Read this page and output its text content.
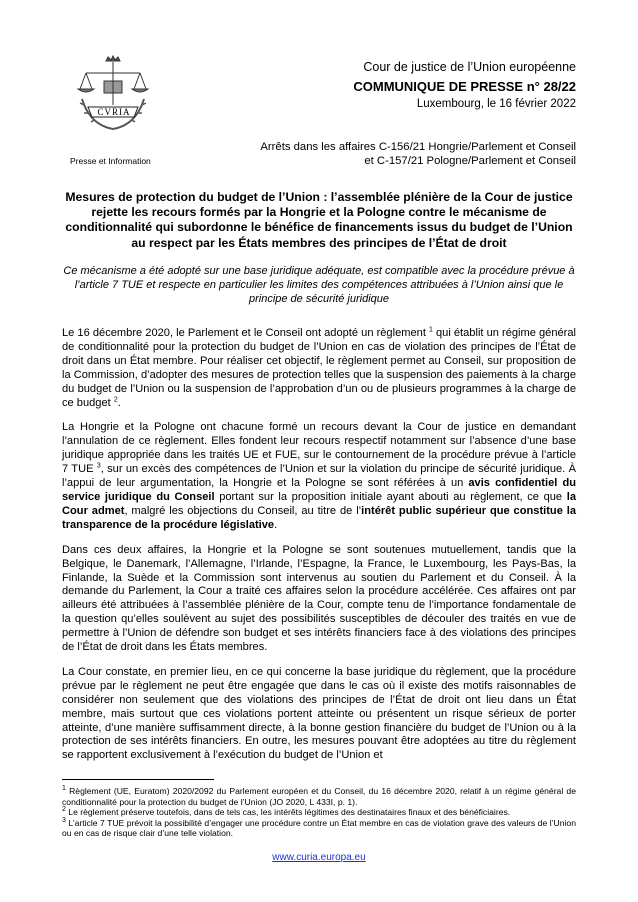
CVRIA
Presse et Information
Cour de justice de l’Union européenne
COMMUNIQUE DE PRESSE n° 28/22
Luxembourg, le 16 février 2022
Arrêts dans les affaires C-156/21 Hongrie/Parlement et Conseil
et C-157/21 Pologne/Parlement et Conseil
Mesures de protection du budget de l’Union : l’assemblée plénière de la Cour de justice rejette les recours formés par la Hongrie et la Pologne contre le mécanisme de conditionnalité qui subordonne le bénéfice de financements issus du budget de l’Union au respect par les États membres des principes de l’État de droit
Ce mécanisme a été adopté sur une base juridique adéquate, est compatible avec la procédure prévue à l’article 7 TUE et respecte en particulier les limites des compétences attribuées à l’Union ainsi que le principe de sécurité juridique

Le 16 décembre 2020, le Parlement et le Conseil ont adopté un règlement $^1$ qui établit un régime général de conditionnalité pour la protection du budget de l’Union en cas de violation des principes de l’État de droit dans un État membre. Pour réaliser cet objectif, le règlement permet au Conseil, sur proposition de la Commission, d’adopter des mesures de protection telles que la suspension des paiements à la charge du budget de l’Union ou la suspension de l’approbation d’un ou de plusieurs programmes à la charge de ce budget $^2$.

La Hongrie et la Pologne ont chacune formé un recours devant la Cour de justice en demandant l’annulation de ce règlement. Elles fondent leur recours respectif notamment sur l’absence d’une base juridique appropriée dans les traités UE et FUE, sur le contournement de la procédure prévue à l’article 7 TUE $^3$, sur un excès des compétences de l’Union et sur la violation du principe de sécurité juridique. À l’appui de leur argumentation, la Hongrie et la Pologne se sont référées à un avis confidentiel du service juridique du Conseil portant sur la proposition initiale ayant abouti au règlement, ce que la Cour admet, malgré les objections du Conseil, au titre de l’intérêt public supérieur que constitue la transparence de la procédure législative.

Dans ces deux affaires, la Hongrie et la Pologne se sont soutenues mutuellement, tandis que la Belgique, le Danemark, l’Allemagne, l’Irlande, l’Espagne, la France, le Luxembourg, les Pays-Bas, la Finlande, la Suède et la Commission sont intervenus au soutien du Parlement et du Conseil. À la demande du Parlement, la Cour a traité ces affaires selon la procédure accélérée. Ces affaires ont par ailleurs été attribuées à l’assemblée plénière de la Cour, compte tenu de l’importance fondamentale de la question qu’elles soulèvent au sujet des possibilités susceptibles de découler des traités en vue de permettre à l’Union de défendre son budget et ses intérêts financiers face à des violations des principes de l’État de droit dans les États membres.

La Cour constate, en premier lieu, en ce qui concerne la base juridique du règlement, que la procédure prévue par le règlement ne peut être engagée que dans le cas où il existe des motifs raisonnables de considérer non seulement que des violations des principes de l’État de droit ont lieu dans un État membre, mais surtout que ces violations portent atteinte ou présentent un risque sérieux de porter atteinte, d’une manière suffisamment directe, à la bonne gestion financière du budget de l’Union ou à la protection de ses intérêts financiers. En outre, les mesures pouvant être adoptées au titre du règlement se rapportent exclusivement à l’exécution du budget de l’Union et

$^1$ Règlement (UE, Euratom) 2020/2092 du Parlement européen et du Conseil, du 16 décembre 2020, relatif à un régime général de conditionnalité pour la protection du budget de l’Union (JO 2020, L 433I, p. 1).

$^2$ Le règlement préserve toutefois, dans de tels cas, les intérêts légitimes des destinataires finaux et des bénéficiaires.

$^3$ L’article 7 TUE prévoit la possibilité d’engager une procédure contre un État membre en cas de violation grave des valeurs de l’Union ou en cas de risque clair d’une telle violation.

www.curia.europa.eu
